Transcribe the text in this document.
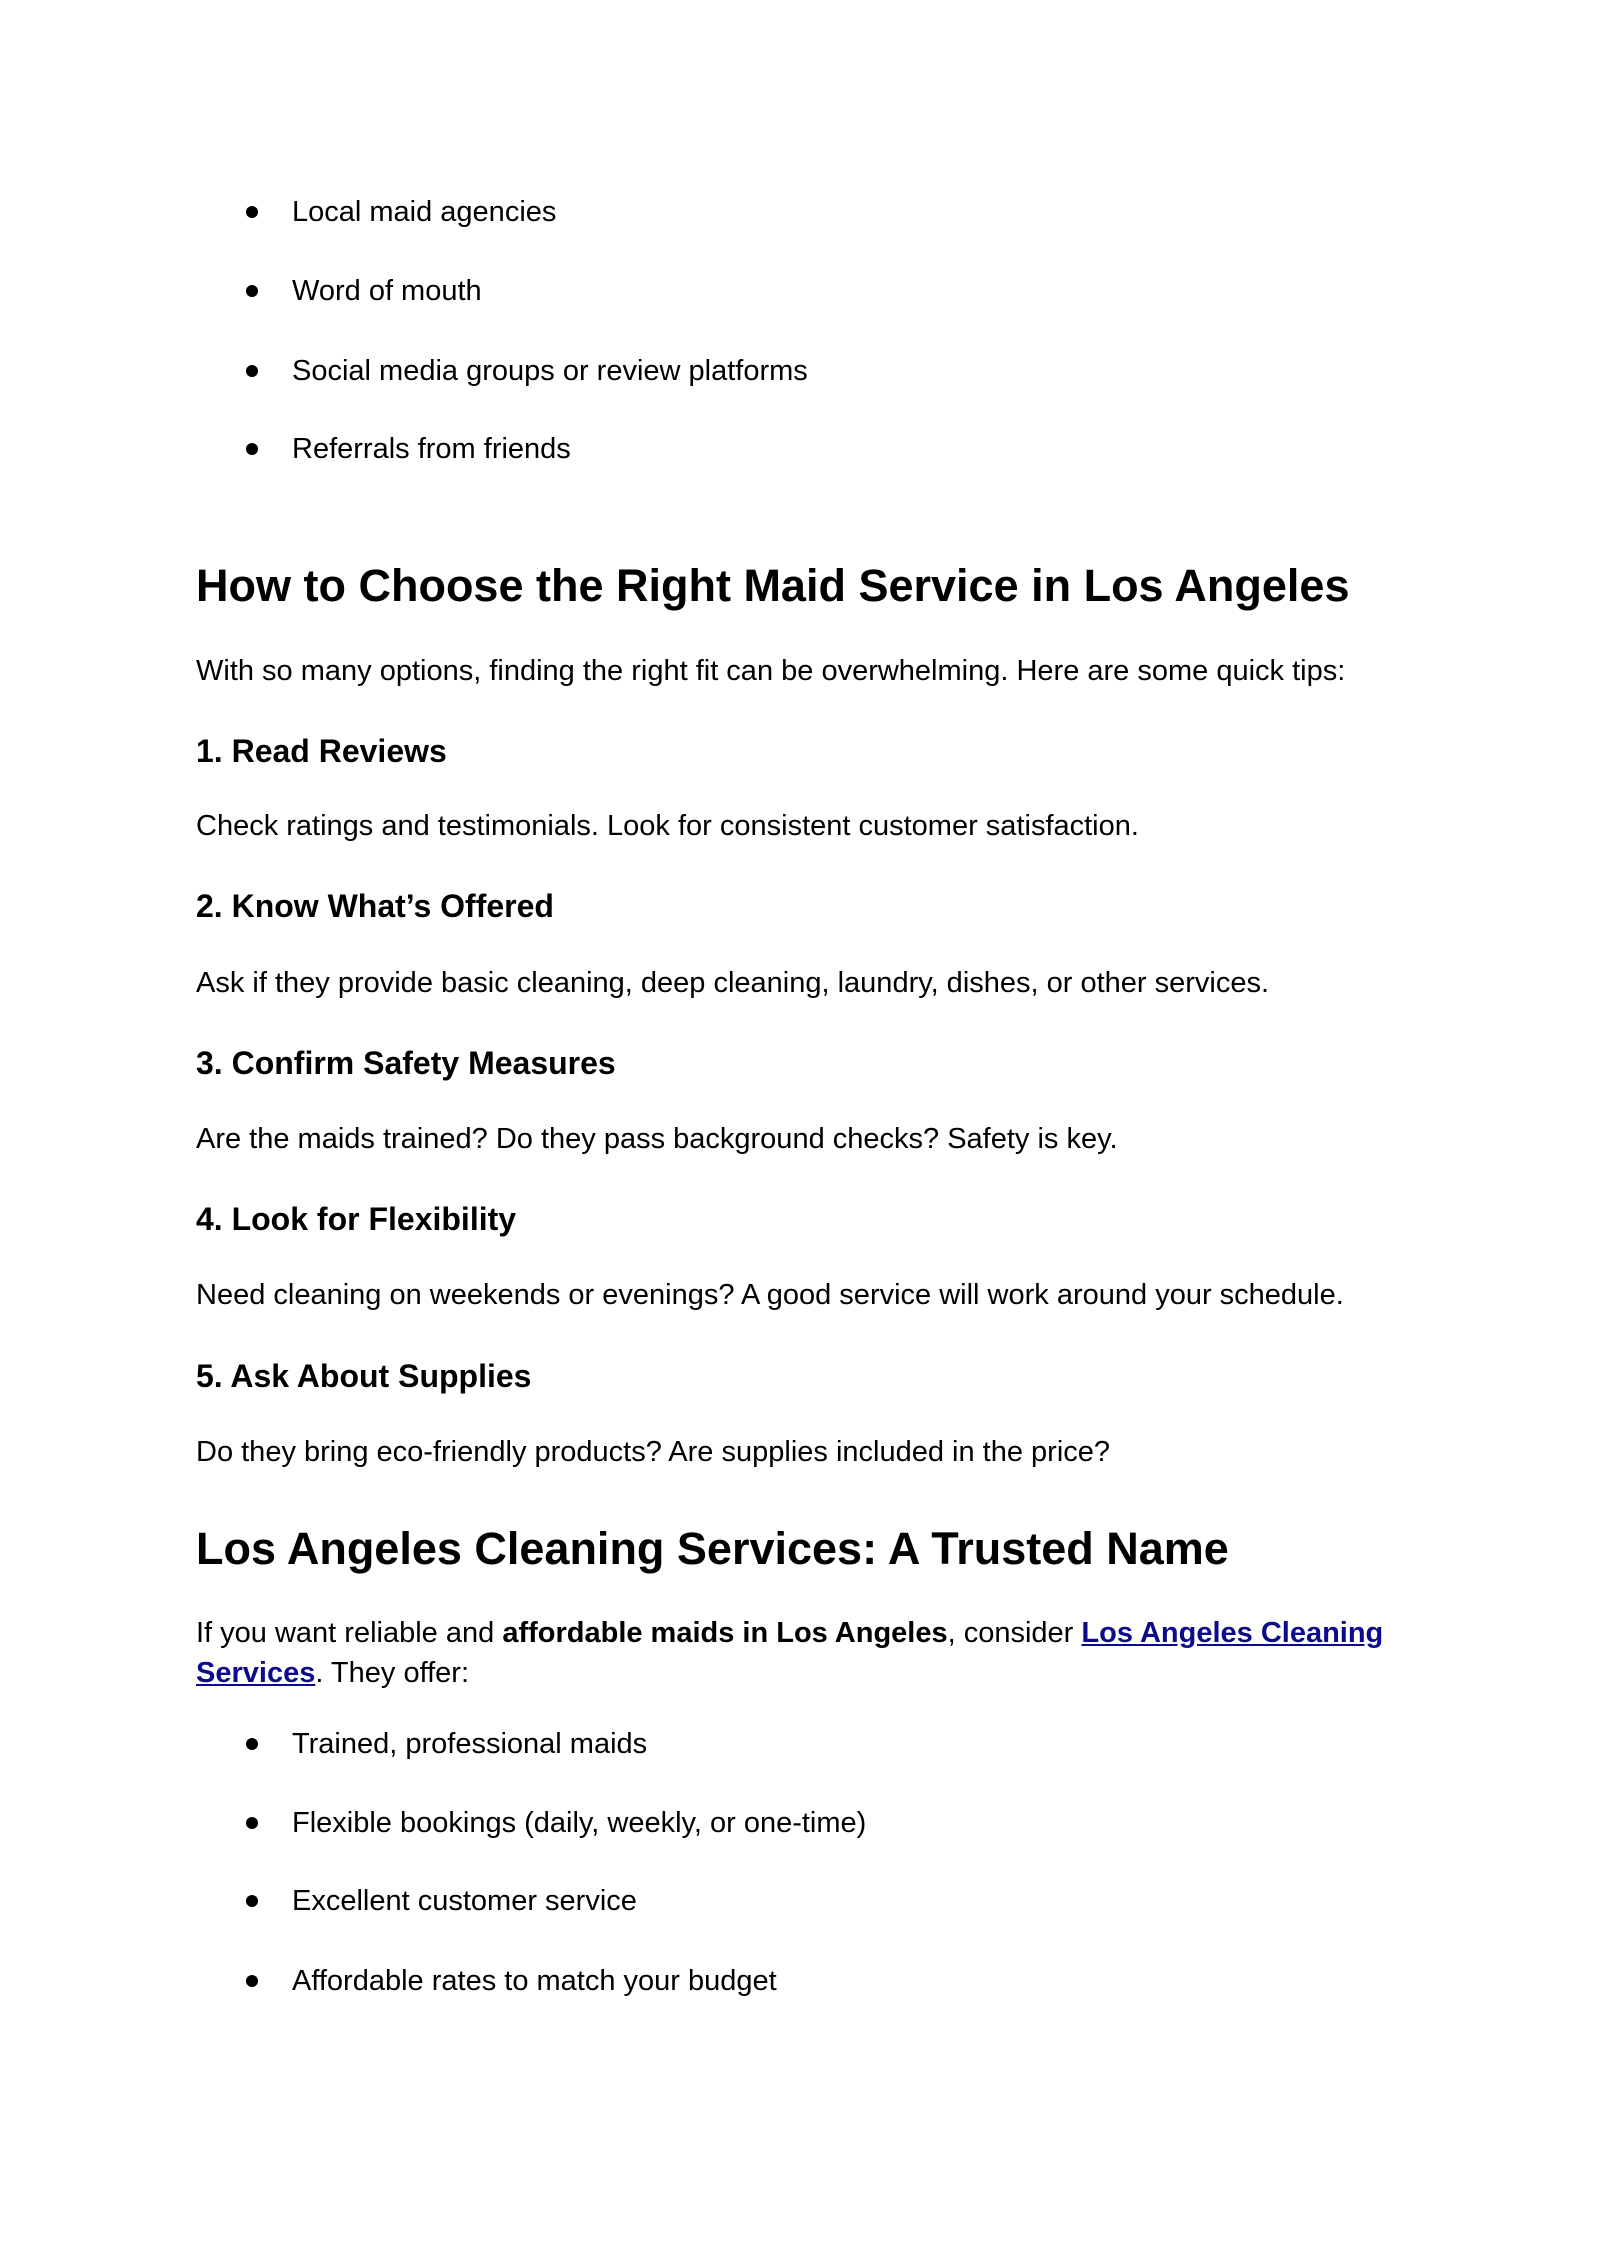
Local maid agencies
Word of mouth
Social media groups or review platforms
Referrals from friends
How to Choose the Right Maid Service in Los Angeles
With so many options, finding the right fit can be overwhelming. Here are some quick tips:
1. Read Reviews
Check ratings and testimonials. Look for consistent customer satisfaction.
2. Know What’s Offered
Ask if they provide basic cleaning, deep cleaning, laundry, dishes, or other services.
3. Confirm Safety Measures
Are the maids trained? Do they pass background checks? Safety is key.
4. Look for Flexibility
Need cleaning on weekends or evenings? A good service will work around your schedule.
5. Ask About Supplies
Do they bring eco-friendly products? Are supplies included in the price?
Los Angeles Cleaning Services: A Trusted Name
If you want reliable and affordable maids in Los Angeles, consider Los Angeles Cleaning Services. They offer:
Trained, professional maids
Flexible bookings (daily, weekly, or one-time)
Excellent customer service
Affordable rates to match your budget
